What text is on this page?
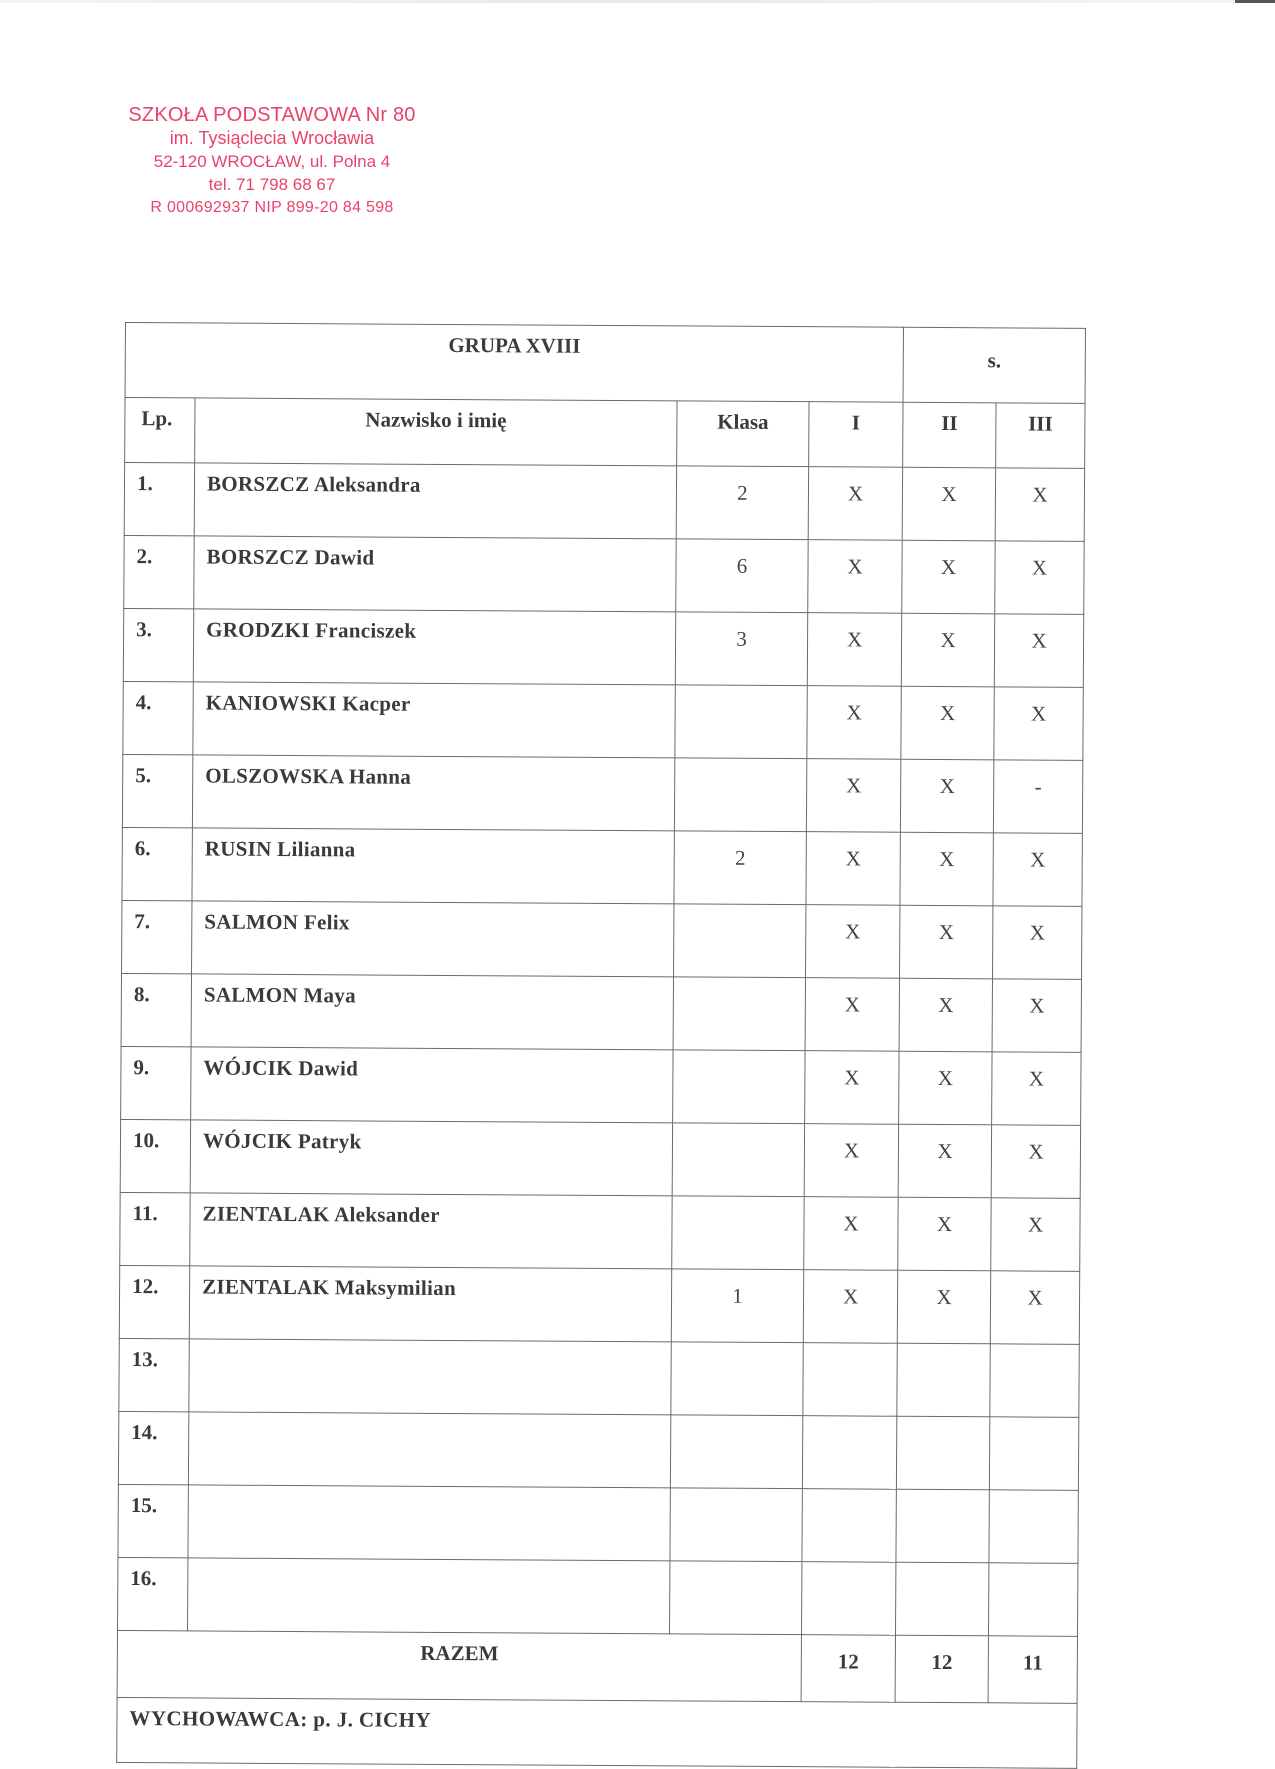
SZKOŁA PODSTAWOWA Nr 80
im. Tysiąclecia Wrocławia
52-120 WROCŁAW, ul. Polna 4
tel. 71 798 68 67
R 000692937 NIP 899-20 84 598
GRUPA XVIII				s.	
Lp.	Nazwisko i imię	Klasa	I	II	III
1.	BORSZCZ Aleksandra	2	X	X	X
2.	BORSZCZ Dawid	6	X	X	X
3.	GRODZKI Franciszek	3	X	X	X
4.	KANIOWSKI Kacper		X	X	X
5.	OLSZOWSKA Hanna		X	X	-
6.	RUSIN Lilianna	2	X	X	X
7.	SALMON Felix		X	X	X
8.	SALMON Maya		X	X	X
9.	WÓJCIK Dawid		X	X	X
10.	WÓJCIK Patryk		X	X	X
11.	ZIENTALAK Aleksander		X	X	X
12.	ZIENTALAK Maksymilian	1	X	X	X
13.					
14.					
15.					
16.					
RAZEM			12	12	11
WYCHOWAWCA: p. J. CICHY					
